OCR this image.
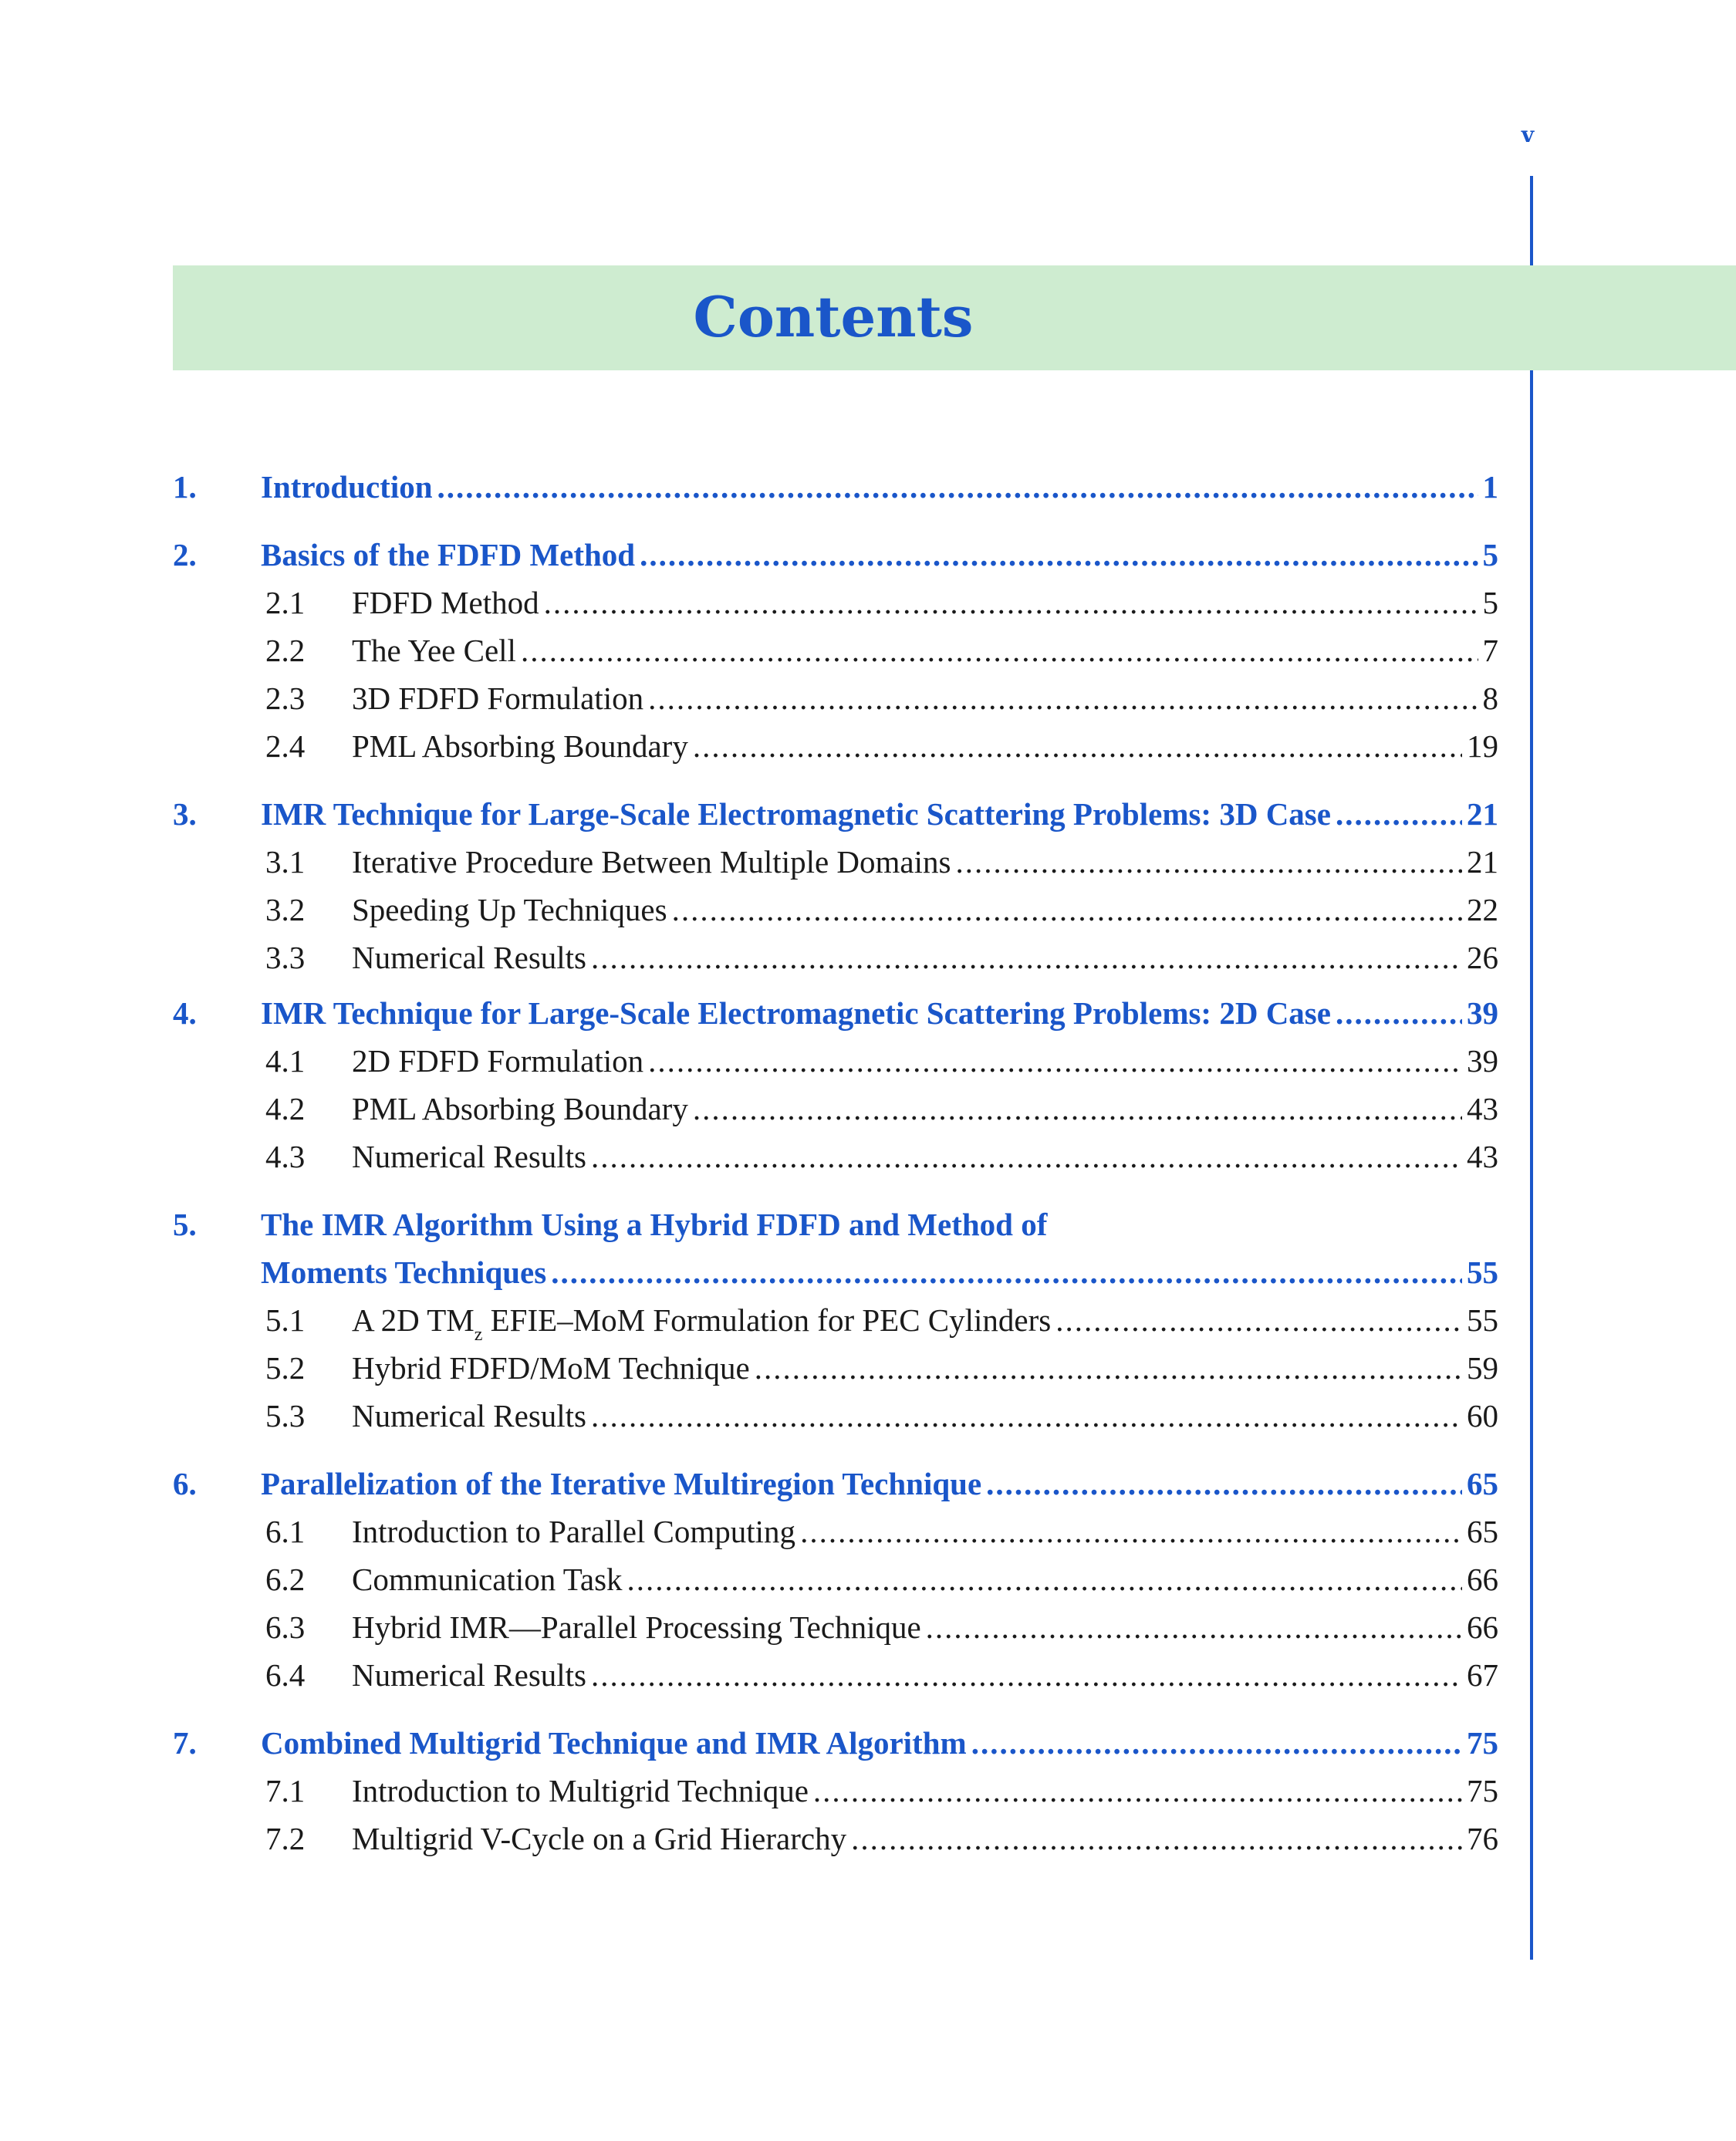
v
Contents
1. Introduction .....	1
2. Basics of the FDFD Method .....	5
2.1 FDFD Method .....	5
2.2 The Yee Cell .....	7
2.3 3D FDFD Formulation .....	8
2.4 PML Absorbing Boundary .....	19
3. IMR Technique for Large-Scale Electromagnetic Scattering Problems: 3D Case .....	21
3.1 Iterative Procedure Between Multiple Domains .....	21
3.2 Speeding Up Techniques .....	22
3.3 Numerical Results .....	26
4. IMR Technique for Large-Scale Electromagnetic Scattering Problems: 2D Case .....	39
4.1 2D FDFD Formulation .....	39
4.2 PML Absorbing Boundary .....	43
4.3 Numerical Results .....	43
5. The IMR Algorithm Using a Hybrid FDFD and Method of
Moments Techniques .....	55
5.1 A 2D $TM_z$ EFIE–MoM Formulation for PEC Cylinders .....	55
5.2 Hybrid FDFD/MoM Technique .....	59
5.3 Numerical Results .....	60
6. Parallelization of the Iterative Multiregion Technique .....	65
6.1 Introduction to Parallel Computing .....	65
6.2 Communication Task .....	66
6.3 Hybrid IMR—Parallel Processing Technique .....	66
6.4 Numerical Results .....	67
7. Combined Multigrid Technique and IMR Algorithm .....	75
7.1 Introduction to Multigrid Technique .....	75
7.2 Multigrid V-Cycle on a Grid Hierarchy .....	76
